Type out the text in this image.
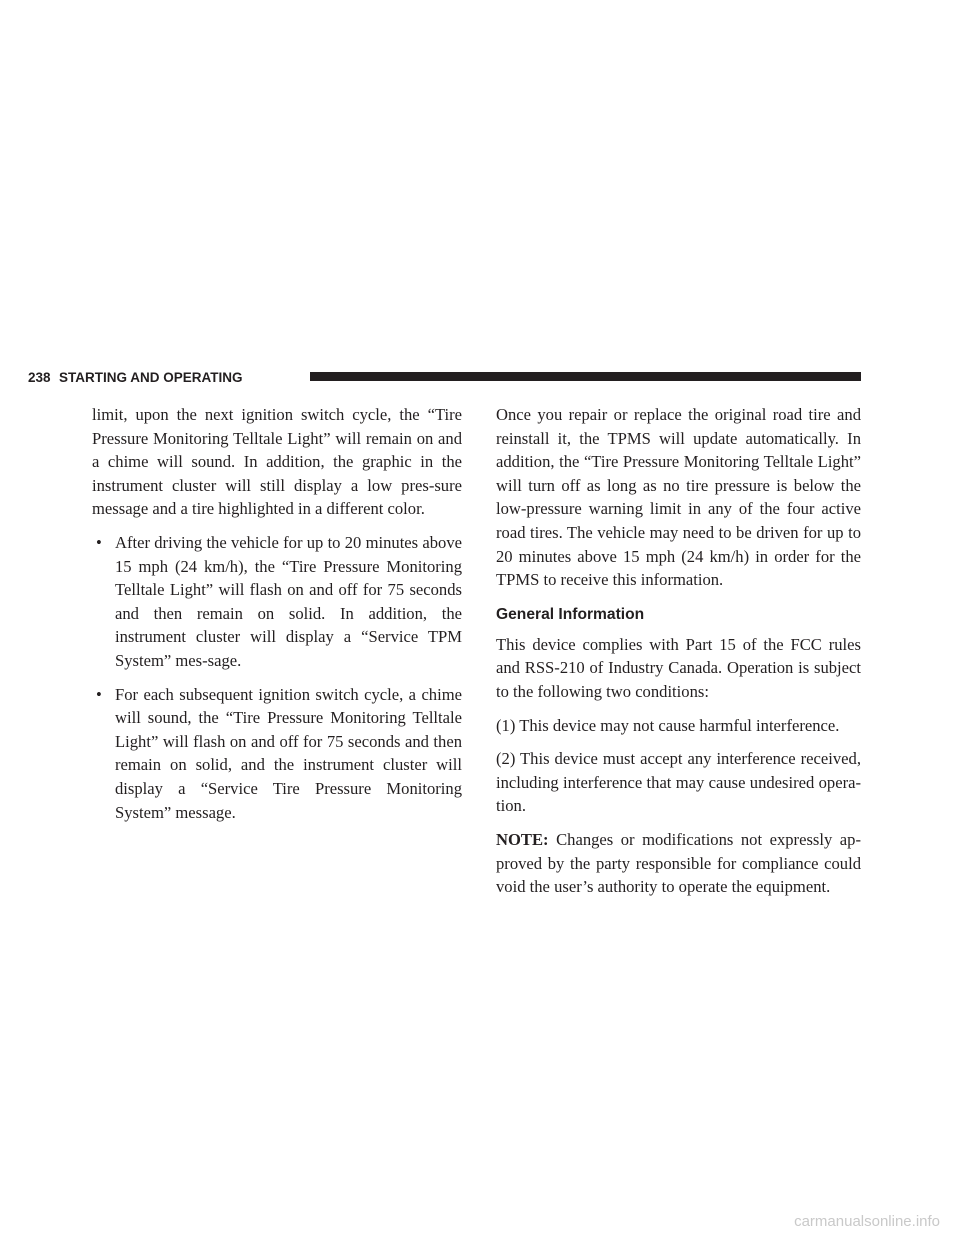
238 STARTING AND OPERATING

limit, upon the next ignition switch cycle, the “Tire Pressure Monitoring Telltale Light” will remain on and a chime will sound. In addition, the graphic in the instrument cluster will still display a low pres-sure message and a tire highlighted in a different color.

• After driving the vehicle for up to 20 minutes above 15 mph (24 km/h), the “Tire Pressure Monitoring Telltale Light” will flash on and off for 75 seconds and then remain on solid. In addition, the instrument cluster will display a “Service TPM System” mes-sage.
• For each subsequent ignition switch cycle, a chime will sound, the “Tire Pressure Monitoring Telltale Light” will flash on and off for 75 seconds and then remain on solid, and the instrument cluster will display a “Service Tire Pressure Monitoring System” message.

Once you repair or replace the original road tire and reinstall it, the TPMS will update automatically. In addition, the “Tire Pressure Monitoring Telltale Light” will turn off as long as no tire pressure is below the low-pressure warning limit in any of the four active road tires. The vehicle may need to be driven for up to 20 minutes above 15 mph (24 km/h) in order for the TPMS to receive this information.

General Information

This device complies with Part 15 of the FCC rules and RSS-210 of Industry Canada. Operation is subject to the following two conditions:

(1) This device may not cause harmful interference.

(2) This device must accept any interference received, including interference that may cause undesired opera-tion.

NOTE: Changes or modifications not expressly ap-proved by the party responsible for compliance could void the user’s authority to operate the equipment.

carmanualsonline.info
